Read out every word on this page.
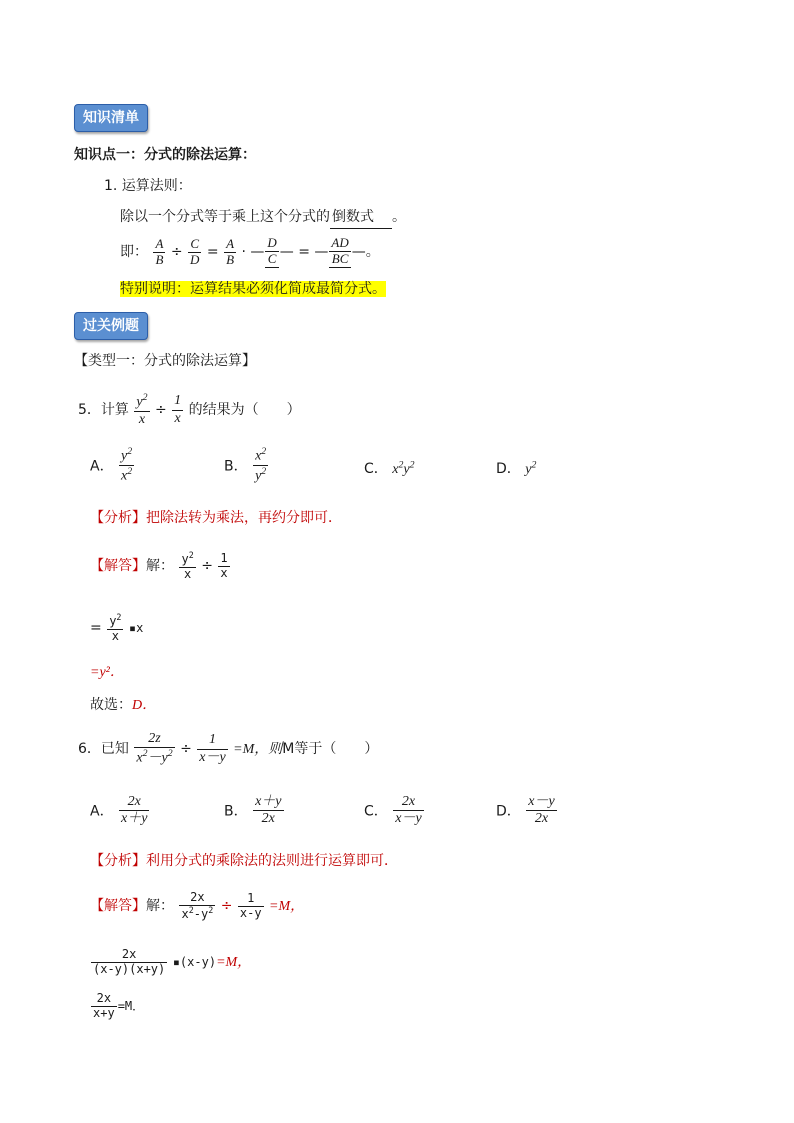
知识清单
知识点一：分式的除法运算：
1. 运算法则：
除以一个分式等于乘上这个分式的 倒数式 。
即： $\frac{A}{B} \div \frac{C}{D} = \frac{A}{B}$ · — $\frac{D}{C}$ — = — $\frac{AD}{BC}$ —。
特别说明：运算结果必须化简成最简分式。
过关例题
【类型一：分式的除法运算】
5．计算 $\frac{y^2}{x} \div \frac{1}{x}$ 的结果为（　　）
A． $\frac{y^2}{x^2}$	B． $\frac{x^2}{y^2}$	C． $x^2y^2$	D． $y^2$
【分析】把除法转为乘法，再约分即可．
【解答】解： $\frac{y^2}{x} \div \frac{1}{x}$
= $\frac{y^2}{x}$ ▪x
=y²．
故选：D．
6．已知 $\frac{2z}{x^2-y^2} \div \frac{1}{x-y} =M$，则M等于（　　）
A． $\frac{2x}{x+y}$	B． $\frac{x+y}{2x}$	C． $\frac{2x}{x-y}$	D． $\frac{x-y}{2x}$
【分析】利用分式的乘除法的法则进行运算即可．
【解答】解： $\frac{2x}{x^2-y^2} \div \frac{1}{x-y} =M$，
$\frac{2x}{(x-y)(x+y)}$ ▪(x-y)=M，
$\frac{2x}{x+y} =M$．
